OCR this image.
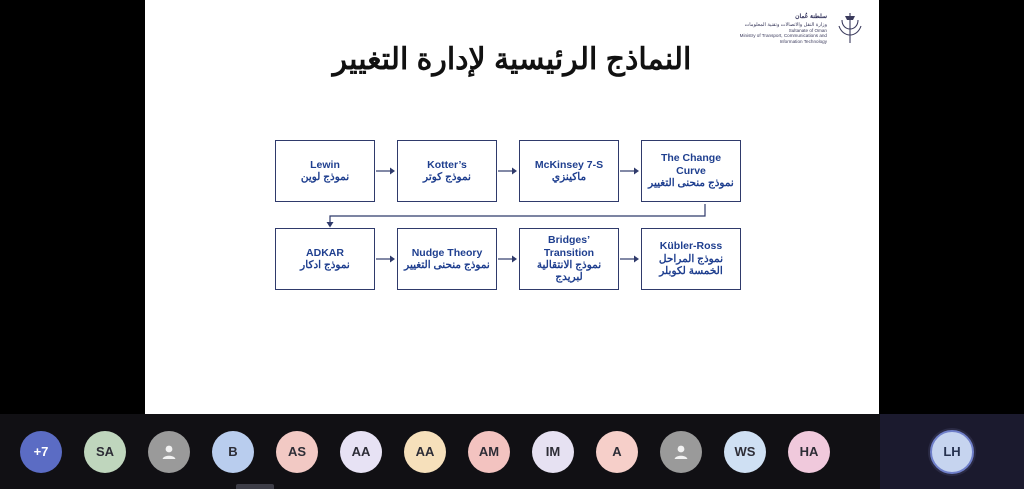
سلطنة عُمان
وزارة النقل والاتصالات وتقنية المعلومات
Sultanate of Oman
Ministry of Transport, Communications and
Information Technology
النماذج الرئيسية لإدارة التغيير
Lewin
نموذج لوين
Kotter’s
نموذج كوتر
McKinsey 7-S
ماكينزي
The Change Curve
نموذج منحنى التغيير
ADKAR
نموذج ادكار
Nudge Theory
نموذج منحنى التغيير
Bridges’ Transition
نموذج الانتقالية لبريدج
Kübler-Ross
نموذج المراحل الخمسة لكوبلر
+7	SA	B	AS	AA	AA	AM	IM	A	WS	HA	LH
